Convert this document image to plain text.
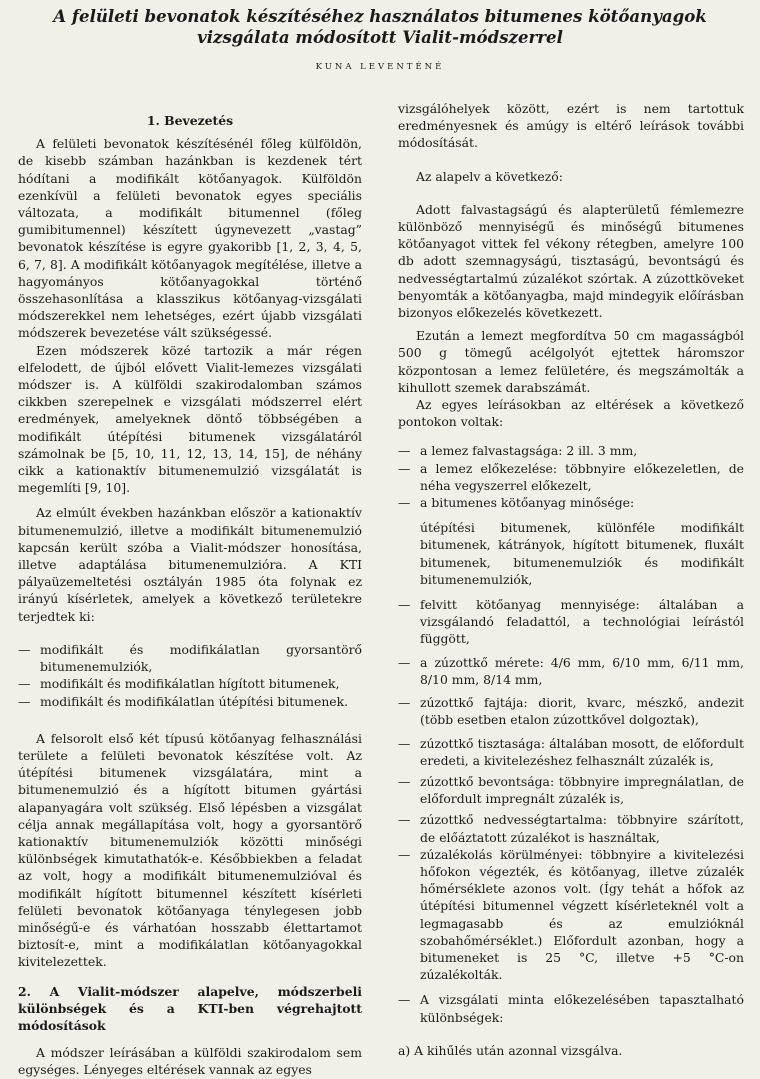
A felületi bevonatok készítéséhez használatos bitumenes kötőanyagok
vizsgálata módosított Vialit-módszerrel
KUNA LEVENTÉNÉ
1. Bevezetés

A felületi bevonatok készítésénél főleg külföldön, de kisebb számban hazánkban is kezdenek tért hódítani a modifikált kötőanyagok. Külföldön ezenkívül a felületi bevonatok egyes speciális változata, a modifikált bitumennel (főleg gumibitumennel) készített úgynevezett „vastag” bevonatok készítése is egyre gyakoribb [1, 2, 3, 4, 5, 6, 7, 8]. A modifikált kötőanyagok megítélése, illetve a hagyományos kötőanyagokkal történő összehasonlítása a klasszikus kötőanyag-vizsgálati módszerekkel nem lehetséges, ezért újabb vizsgálati módszerek bevezetése vált szükségessé.

Ezen módszerek közé tartozik a már régen elfelodett, de újból elővett Vialit-lemezes vizsgálati módszer is. A külföldi szakirodalomban számos cikkben szerepelnek e vizsgálati módszerrel elért eredmények, amelyeknek döntő többségében a modifikált útépítési bitumenek vizsgálatáról számolnak be [5, 10, 11, 12, 13, 14, 15], de néhány cikk a kationaktív bitumenemulzió vizsgálatát is megemlíti [9, 10].

Az elmúlt években hazánkban először a kationaktív bitumenemulzió, illetve a modifikált bitumenemulzió kapcsán került szóba a Vialit-módszer honosítása, illetve adaptálása bitumenemulzióra. A KTI pályaüzemeltetési osztályán 1985 óta folynak ez irányú kísérletek, amelyek a következő területekre terjedtek ki:

— modifikált és modifikálatlan gyorsantörő bitumenemulziók,
— modifikált és modifikálatlan hígított bitumenek,
— modifikált és modifikálatlan útépítési bitumenek.

A felsorolt első két típusú kötőanyag felhasználási területe a felületi bevonatok készítése volt. Az útépítési bitumenek vizsgálatára, mint a bitumenemulzió és a hígított bitumen gyártási alapanyagára volt szükség. Első lépésben a vizsgálat célja annak megállapítása volt, hogy a gyorsantörő kationaktív bitumenemulziók közötti minőségi különbségek kimutathatók-e. Későbbiekben a feladat az volt, hogy a modifikált bitumenemulzióval és modifikált hígított bitumennel készített kísérleti felületi bevonatok kötőanyaga ténylegesen jobb minőségű-e és várhatóan hosszabb élettartamot biztosít-e, mint a modifikálatlan kötőanyagokkal kivitelezettek.

2. A Vialit-módszer alapelve, módszerbeli különbségek és a KTI-ben végrehajtott módosítások

A módszer leírásában a külföldi szakirodalom sem egységes. Lényeges eltérések vannak az egyes

vizsgálóhelyek között, ezért is nem tartottuk eredményesnek és amúgy is eltérő leírások további módosítását.

Az alapelv a következő:

Adott falvastagságú és alapterületű fémlemezre különböző mennyiségű és minőségű bitumenes kötőanyagot vittek fel vékony rétegben, amelyre 100 db adott szemnagyságú, tisztaságú, bevontságú és nedvességtartalmú zúzalékot szórtak. A zúzottköveket benyomták a kötőanyagba, majd mindegyik előírásban bizonyos előkezelés következett.

Ezután a lemezt megfordítva 50 cm magasságból 500 g tömegű acélgolyót ejtettek háromszor központosan a lemez felületére, és megszámolták a kihullott szemek darabszámát.

Az egyes leírásokban az eltérések a következő pontokon voltak:

— a lemez falvastagsága: 2 ill. 3 mm,
— a lemez előkezelése: többnyire előkezeletlen, de néha vegyszerrel előkezelt,
— a bitumenes kötőanyag minősége:

útépítési bitumenek, különféle modifikált bitumenek, kátrányok, hígított bitumenek, fluxált bitumenek, bitumenemulziók és modifikált bitumenemulziók,

— felvitt kötőanyag mennyisége: általában a vizsgálandó feladattól, a technológiai leírástól függött,
— a zúzottkő mérete: 4/6 mm, 6/10 mm, 6/11 mm, 8/10 mm, 8/14 mm,
— zúzottkő fajtája: diorit, kvarc, mészkő, andezit (több esetben etalon zúzottkővel dolgoztak),
— zúzottkő tisztasága: általában mosott, de előfordult eredeti, a kivitelezéshez felhasznált zúzalék is,
— zúzottkő bevontsága: többnyire impregnálatlan, de előfordult impregnált zúzalék is,
— zúzottkő nedvességtartalma: többnyire szárított, de előáztatott zúzalékot is használtak,
— zúzalékolás körülményei: többnyire a kivitelezési hőfokon végezték, és kötőanyag, illetve zúzalék hőmérséklete azonos volt. (Így tehát a hőfok az útépítési bitumennel végzett kísérleteknél volt a legmagasabb és az emulzióknál szobahőmérséklet.) Előfordult azonban, hogy a bitumeneket is 25 °C, illetve +5 °C-on zúzalékolták.
— A vizsgálati minta előkezelésében tapasztalható különbségek:

a) A kihűlés után azonnal vizsgálva.
